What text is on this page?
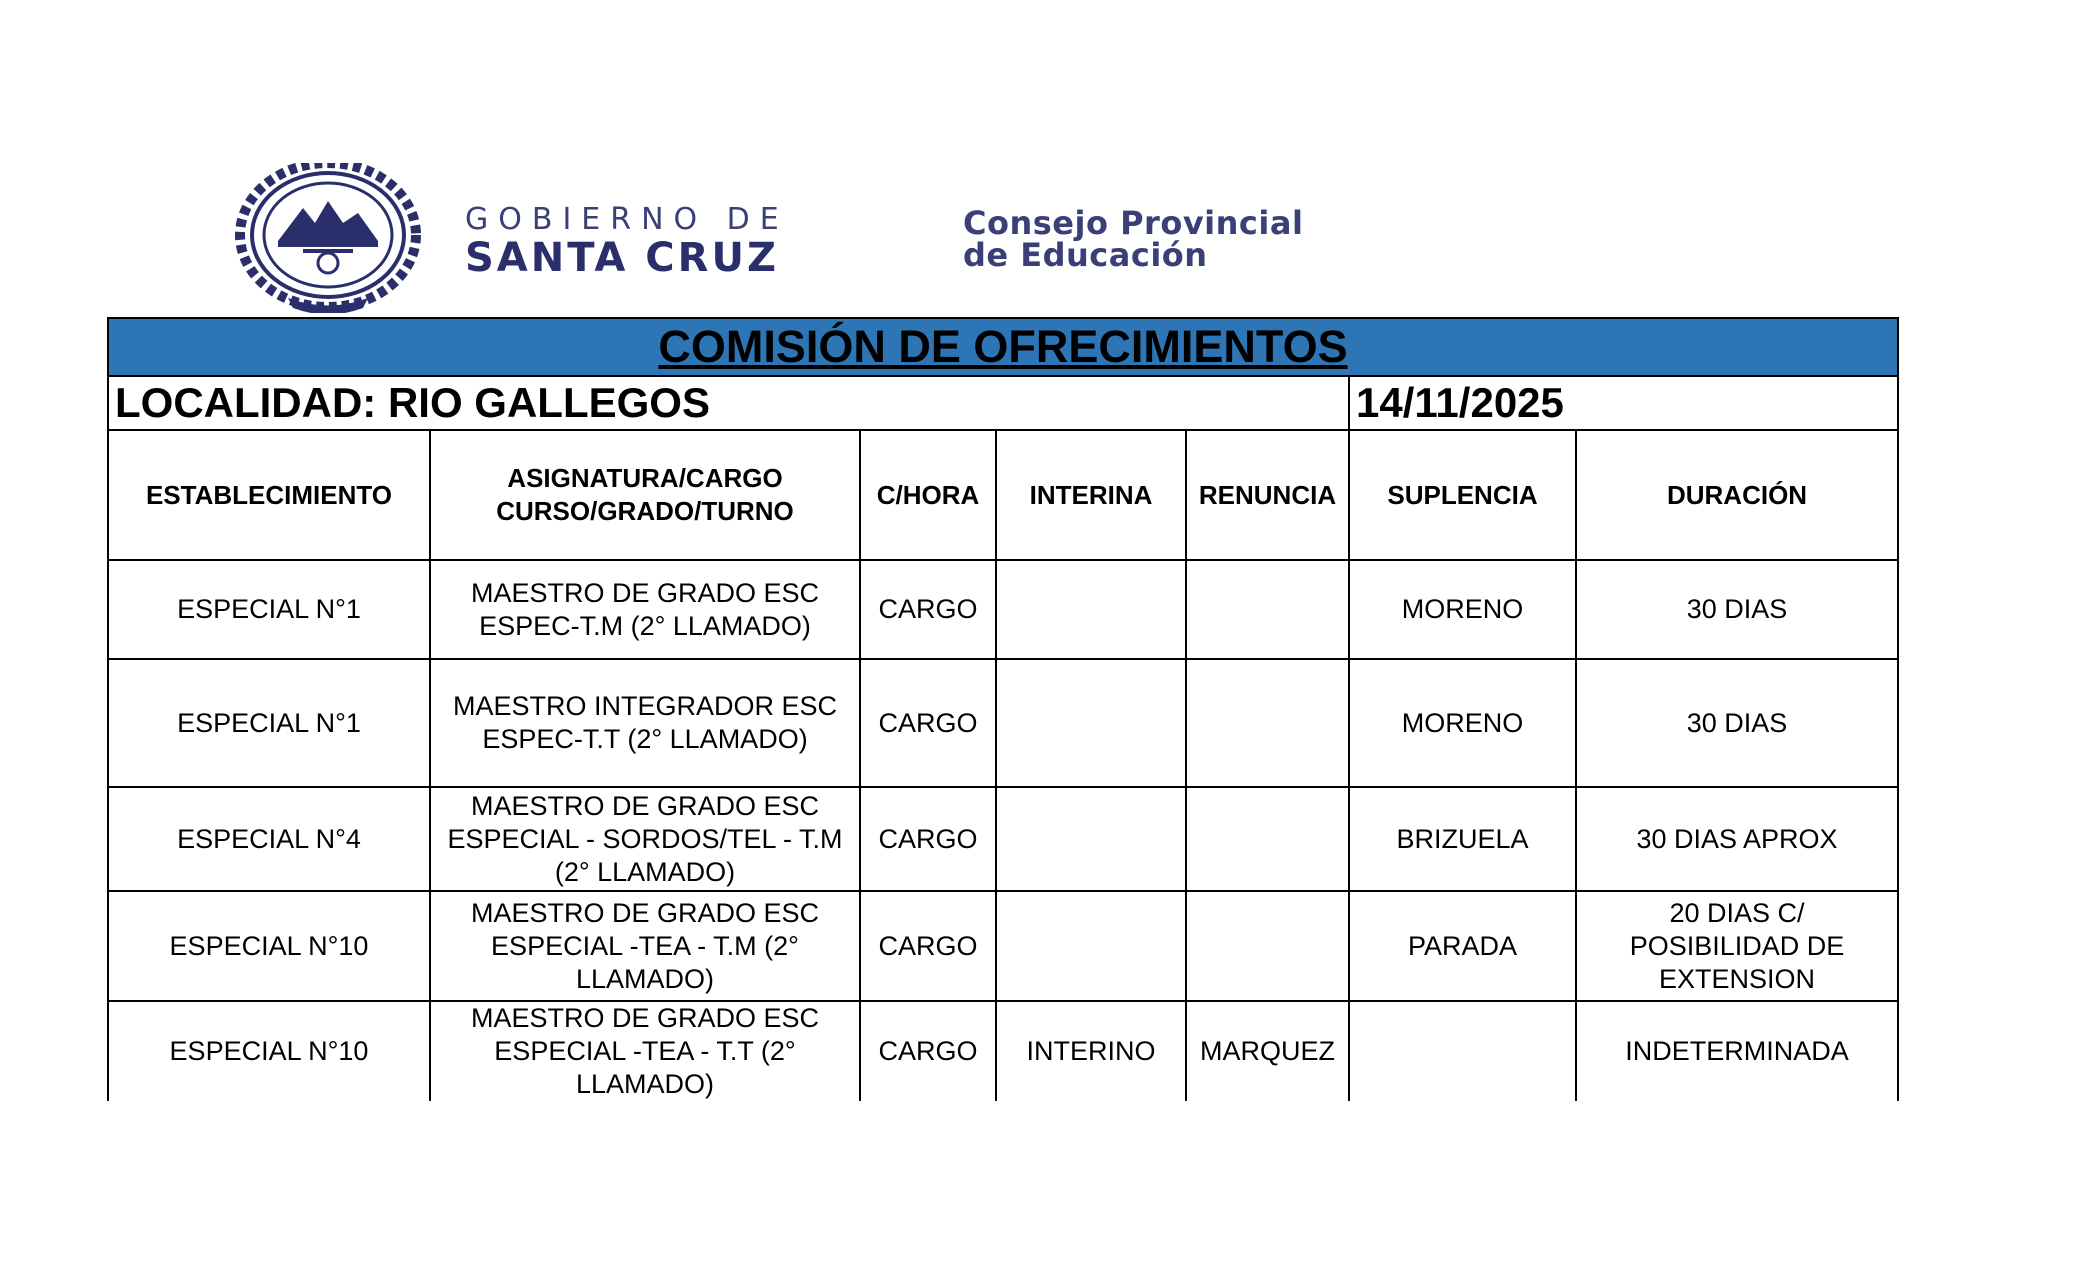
GOBIERNO DE
SANTA CRUZ
Consejo Provincial
de Educación
COMISIÓN DE OFRECIMIENTOS						
LOCALIDAD: RIO GALLEGOS					14/11/2025	
ESTABLECIMIENTO	ASIGNATURA/CARGO CURSO/GRADO/TURNO	C/HORA	INTERINA	RENUNCIA	SUPLENCIA	DURACIÓN
ESPECIAL N°1	MAESTRO DE GRADO ESC ESPEC-T.M (2° LLAMADO)	CARGO			MORENO	30 DIAS
ESPECIAL N°1	MAESTRO INTEGRADOR ESC ESPEC-T.T (2° LLAMADO)	CARGO			MORENO	30 DIAS
ESPECIAL N°4	MAESTRO DE GRADO ESC ESPECIAL - SORDOS/TEL - T.M (2° LLAMADO)	CARGO			BRIZUELA	30 DIAS APROX
ESPECIAL N°10	MAESTRO DE GRADO ESC ESPECIAL -TEA - T.M (2° LLAMADO)	CARGO			PARADA	20 DIAS C/ POSIBILIDAD DE EXTENSION
ESPECIAL N°10	MAESTRO DE GRADO ESC ESPECIAL -TEA - T.T (2° LLAMADO)	CARGO	INTERINO	MARQUEZ		INDETERMINADA
